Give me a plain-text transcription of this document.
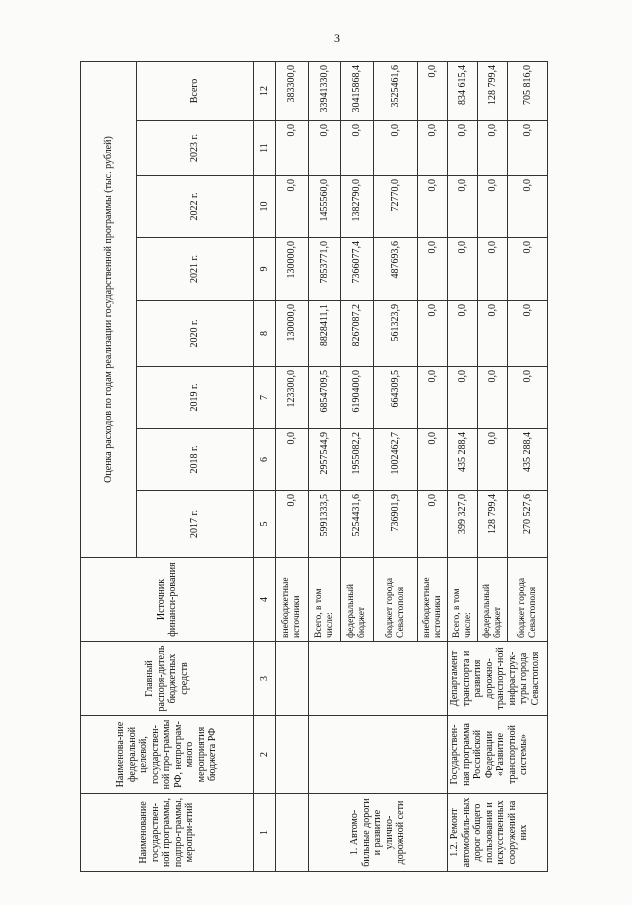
3
Наименование государствен-ной программы, подпро-граммы, меропри-ятий	Наименова-ние федеральной целевой, государствен-ной про-граммы РФ, непрограм-много мероприятия бюджета РФ	Главный распоря-дитель бюджетных средств	Источник финанси-рования	Оценка расходов по годам реализации государственной программы (тыс. рублей)							
				2017 г.	2018 г.	2019 г.	2020 г.	2021 г.	2022 г.	2023 г.	Всего
1	2	3	4	5	6	7	8	9	10	11	12
			внебюджетные источники	0,0	0,0	123300,0	130000,0	130000,0	0,0	0,0	383300,0
1. Автомо-бильные дороги и развитие улично-дорожной сети			Всего, в том числе:	5991333,5	2957544,9	6854709,5	8828411,1	7853771,0	1455560,0	0,0	33941330,0
			федеральный бюджет	5254431,6	1955082,2	6190400,0	8267087,2	7366077,4	1382790,0	0,0	30415868,4
			бюджет города Севастополя	736901,9	1002462,7	664309,5	561323,9	487693,6	72770,0	0,0	3525461,6
			внебюджетные источники	0,0	0,0	0,0	0,0	0,0	0,0	0,0	0,0
1.2. Ремонт автомобиль-ных дорог общего пользования и искусственных сооружений на них	Государствен-ная программа Российской Федерации «Развитие транспортной системы»	Департамент транспорта и развития дорожно-транспорт-ной инфраструк-туры города Севастополя	Всего, в том числе:	399 327,0	435 288,4	0,0	0,0	0,0	0,0	0,0	834 615,4
			федеральный бюджет	128 799,4	0,0	0,0	0,0	0,0	0,0	0,0	128 799,4
			бюджет города Севастополя	270 527,6	435 288,4	0,0	0,0	0,0	0,0	0,0	705 816,0
